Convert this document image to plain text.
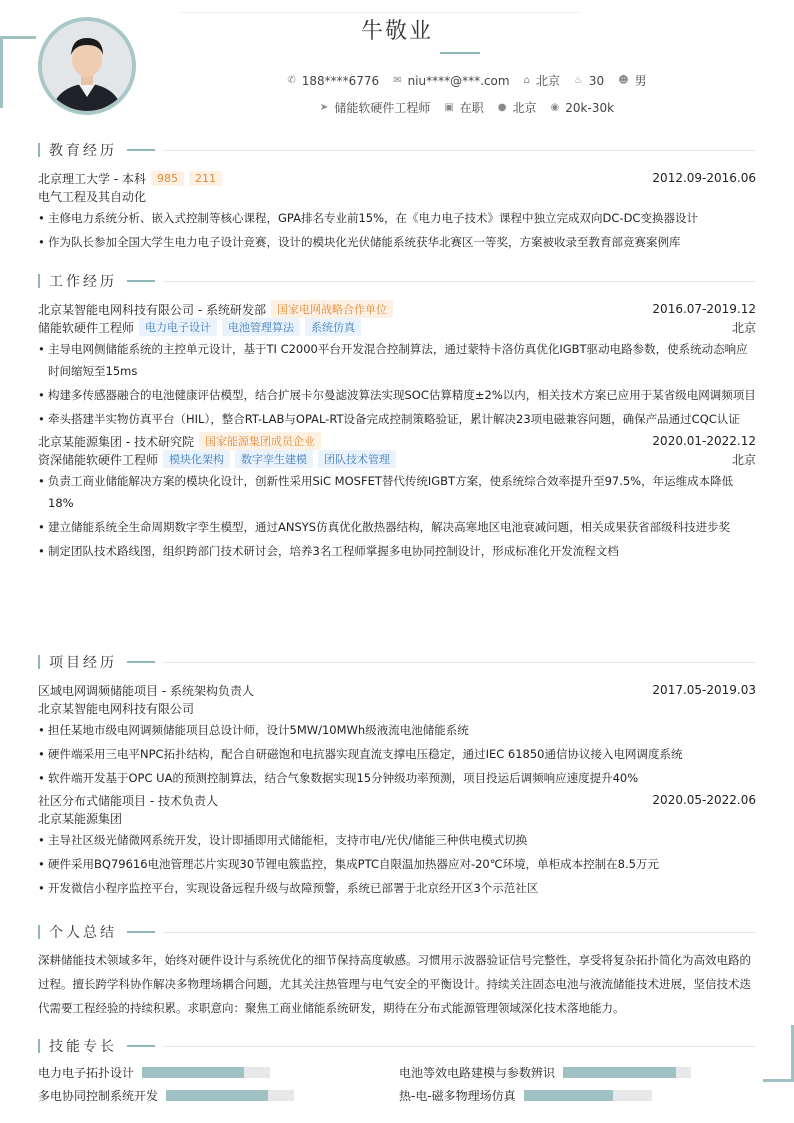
牛敬业
✆ 188****6776 ✉ niu****@***.com ⌂ 北京 ♨ 30 ☻ 男
➤ 储能软硬件工程师 ▣ 在职 ● 北京 ◉ 20k-30k
教育经历
北京理工大学 - 本科	985	211	2012.09-2016.06
电气工程及其自动化
• 主修电力系统分析、嵌入式控制等核心课程，GPA排名专业前15%，在《电力电子技术》课程中独立完成双向DC-DC变换器设计
• 作为队长参加全国大学生电力电子设计竞赛，设计的模块化光伏储能系统获华北赛区一等奖，方案被收录至教育部竞赛案例库
工作经历
北京某智能电网科技有限公司 - 系统研发部	国家电网战略合作单位	2016.07-2019.12
储能软硬件工程师	电力电子设计	电池管理算法	系统仿真	北京
• 主导电网侧储能系统的主控单元设计，基于TI C2000平台开发混合控制算法，通过蒙特卡洛仿真优化IGBT驱动电路参数，使系统动态响应时间缩短至15ms
• 构建多传感器融合的电池健康评估模型，结合扩展卡尔曼滤波算法实现SOC估算精度±2%以内，相关技术方案已应用于某省级电网调频项目
• 牵头搭建半实物仿真平台（HIL），整合RT-LAB与OPAL-RT设备完成控制策略验证，累计解决23项电磁兼容问题，确保产品通过CQC认证
北京某能源集团 - 技术研究院	国家能源集团成员企业	2020.01-2022.12
资深储能软硬件工程师	模块化架构	数字孪生建模	团队技术管理	北京
• 负责工商业储能解决方案的模块化设计，创新性采用SiC MOSFET替代传统IGBT方案，使系统综合效率提升至97.5%，年运维成本降低18%
• 建立储能系统全生命周期数字孪生模型，通过ANSYS仿真优化散热器结构，解决高寒地区电池衰减问题，相关成果获省部级科技进步奖
• 制定团队技术路线图，组织跨部门技术研讨会，培养3名工程师掌握多电协同控制设计，形成标准化开发流程文档
项目经历
区域电网调频储能项目 - 系统架构负责人	2017.05-2019.03
北京某智能电网科技有限公司
• 担任某地市级电网调频储能项目总设计师，设计5MW/10MWh级液流电池储能系统
• 硬件端采用三电平NPC拓扑结构，配合自研磁饱和电抗器实现直流支撑电压稳定，通过IEC 61850通信协议接入电网调度系统
• 软件端开发基于OPC UA的预测控制算法，结合气象数据实现15分钟级功率预测，项目投运后调频响应速度提升40%
社区分布式储能项目 - 技术负责人	2020.05-2022.06
北京某能源集团
• 主导社区级光储微网系统开发，设计即插即用式储能柜，支持市电/光伏/储能三种供电模式切换
• 硬件采用BQ79616电池管理芯片实现30节锂电簇监控，集成PTC自限温加热器应对-20℃环境，单柜成本控制在8.5万元
• 开发微信小程序监控平台，实现设备远程升级与故障预警，系统已部署于北京经开区3个示范社区
个人总结
深耕储能技术领域多年，始终对硬件设计与系统优化的细节保持高度敏感。习惯用示波器验证信号完整性，享受将复杂拓扑简化为高效电路的过程。擅长跨学科协作解决多物理场耦合问题，尤其关注热管理与电气安全的平衡设计。持续关注固态电池与液流储能技术进展，坚信技术迭代需要工程经验的持续积累。求职意向：聚焦工商业储能系统研发，期待在分布式能源管理领域深化技术落地能力。
技能专长
电力电子拓扑设计	电池等效电路建模与参数辨识
多电协同控制系统开发	热-电-磁多物理场仿真
